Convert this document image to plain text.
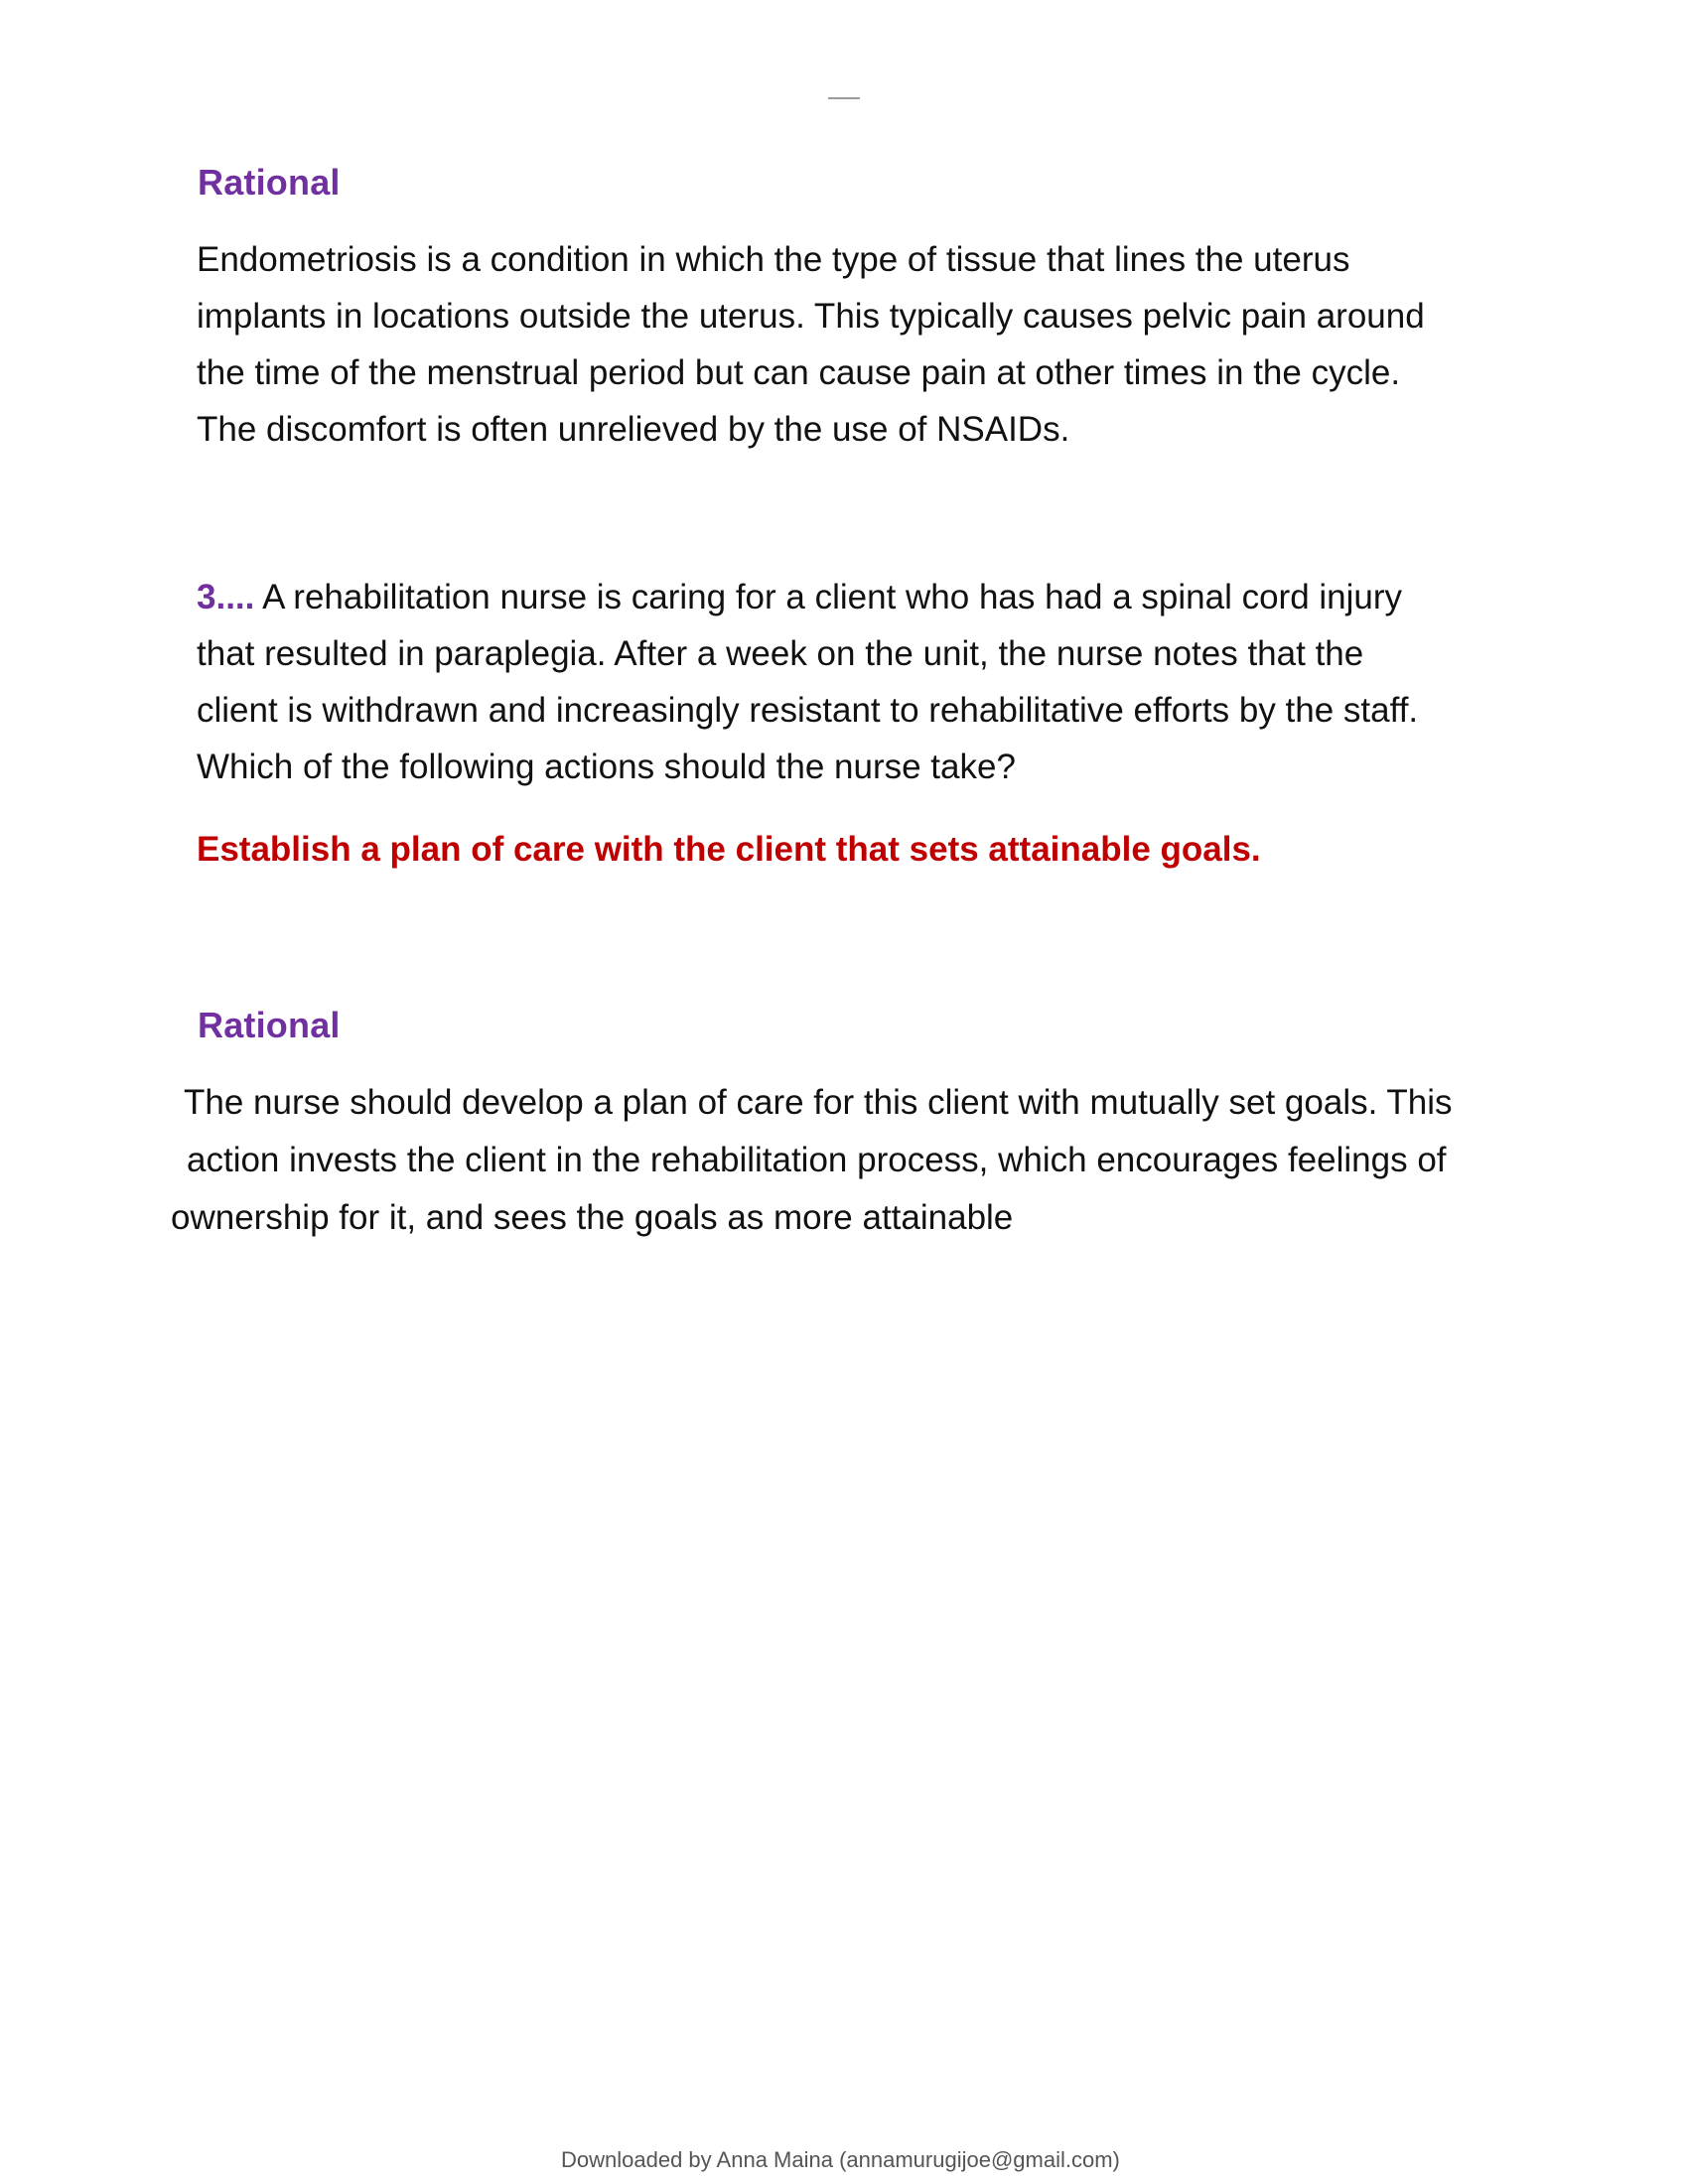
Rational
Endometriosis is a condition in which the type of tissue that lines the uterus
implants in locations outside the uterus. This typically causes pelvic pain around
the time of the menstrual period but can cause pain at other times in the cycle.
The discomfort is often unrelieved by the use of NSAIDs.
3.... A rehabilitation nurse is caring for a client who has had a spinal cord injury
that resulted in paraplegia. After a week on the unit, the nurse notes that the
client is withdrawn and increasingly resistant to rehabilitative efforts by the staff.
Which of the following actions should the nurse take?
Establish a plan of care with the client that sets attainable goals.
Rational
The nurse should develop a plan of care for this client with mutually set goals. This
action invests the client in the rehabilitation process, which encourages feelings of
ownership for it, and sees the goals as more attainable
Downloaded by Anna Maina (annamurugijoe@gmail.com)
